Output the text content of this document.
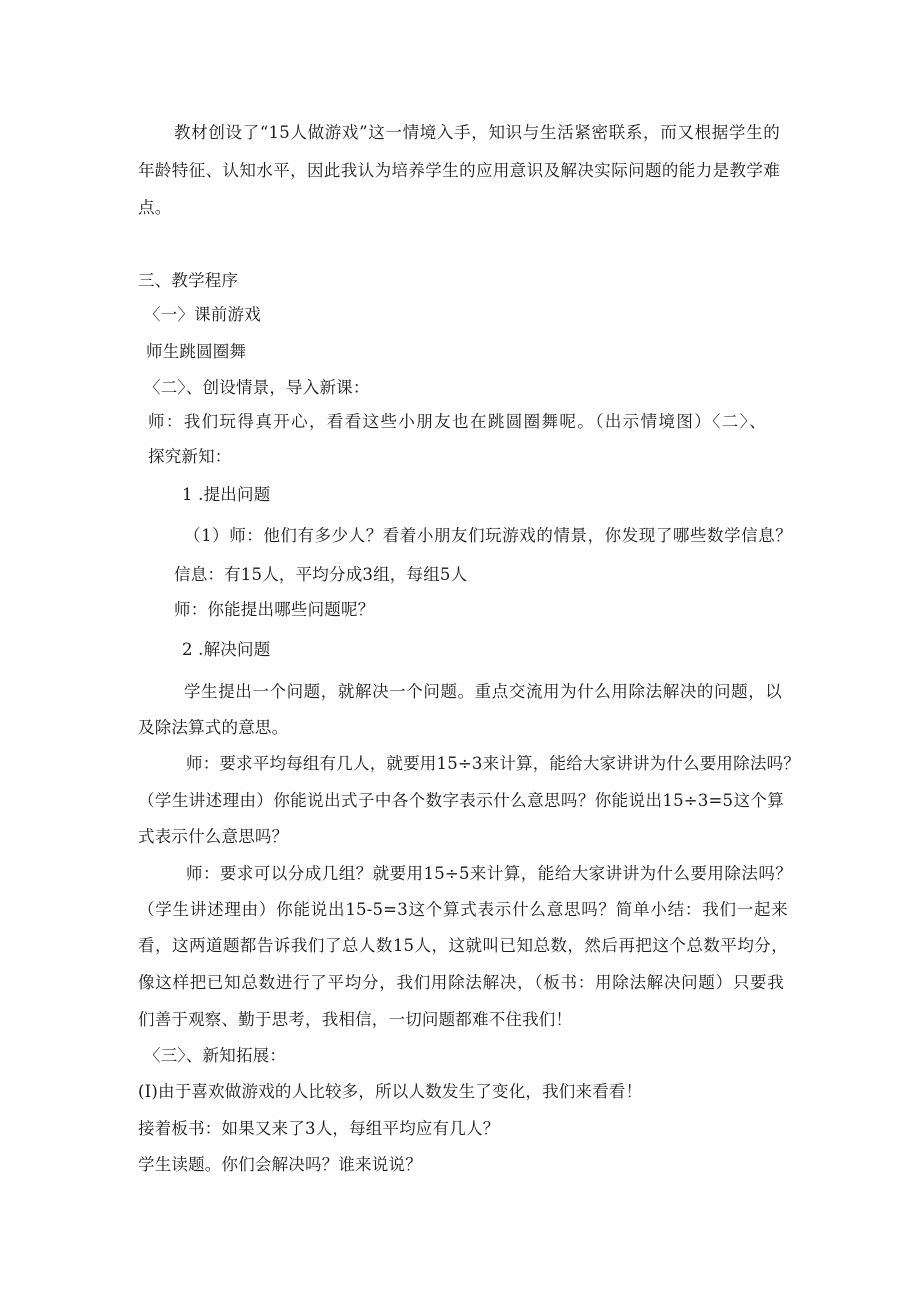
教材创设了“15人做游戏”这一情境入手，知识与生活紧密联系，而又根据学生的
年龄特征、认知水平，因此我认为培养学生的应用意识及解决实际问题的能力是教学难
点。
三、教学程序
〈一〉课前游戏
师生跳圆圈舞
〈二〉、创设情景，导入新课：
师：我们玩得真开心，看看这些小朋友也在跳圆圈舞呢。（出示情境图）〈二〉、
探究新知：
1 .提出问题
（1）师：他们有多少人？看着小朋友们玩游戏的情景，你发现了哪些数学信息？
信息：有15人，平均分成3组，每组5人
师：你能提出哪些问题呢？
2 .解决问题
学生提出一个问题，就解决一个问题。重点交流用为什么用除法解决的问题，以
及除法算式的意思。
师：要求平均每组有几人，就要用15÷3来计算，能给大家讲讲为什么要用除法吗？
（学生讲述理由）你能说出式子中各个数字表示什么意思吗？你能说出15÷3=5这个算
式表示什么意思吗？
师：要求可以分成几组？就要用15÷5来计算，能给大家讲讲为什么要用除法吗？
（学生讲述理由）你能说出15-5=3这个算式表示什么意思吗？简单小结：我们一起来
看，这两道题都告诉我们了总人数15人，这就叫已知总数，然后再把这个总数平均分，
像这样把已知总数进行了平均分，我们用除法解决，（板书：用除法解决问题）只要我
们善于观察、勤于思考，我相信，一切问题都难不住我们！
〈三〉、新知拓展：
(I)由于喜欢做游戏的人比较多，所以人数发生了变化，我们来看看！
接着板书：如果又来了3人，每组平均应有几人？
学生读题。你们会解决吗？谁来说说？
